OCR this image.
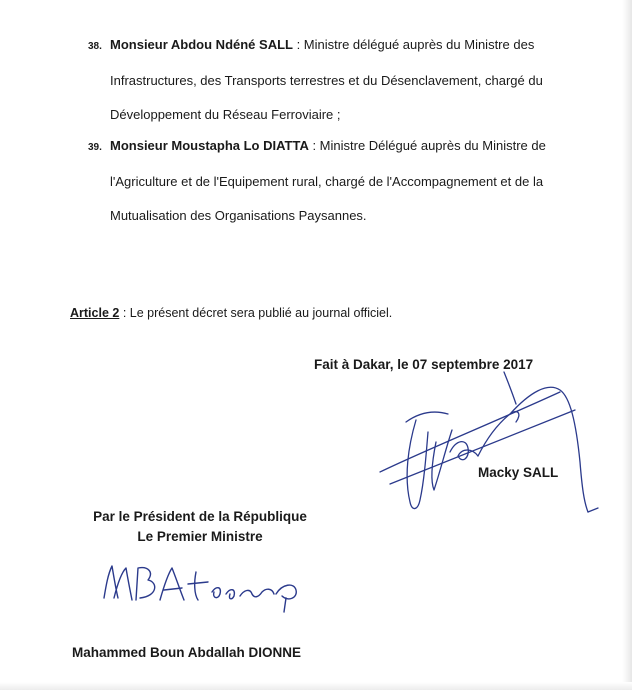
38. Monsieur Abdou Ndéné SALL : Ministre délégué auprès du Ministre des
Infrastructures, des Transports terrestres et du Désenclavement, chargé du
Développement du Réseau Ferroviaire ;
39. Monsieur Moustapha Lo DIATTA : Ministre Délégué auprès du Ministre de
l'Agriculture et de l'Equipement rural, chargé de l'Accompagnement et de la
Mutualisation des Organisations Paysannes.
Article 2 : Le présent décret sera publié au journal officiel.
Fait à Dakar, le 07 septembre 2017
Macky SALL
Par le Président de la République
Le Premier Ministre
Mahammed Boun Abdallah DIONNE
